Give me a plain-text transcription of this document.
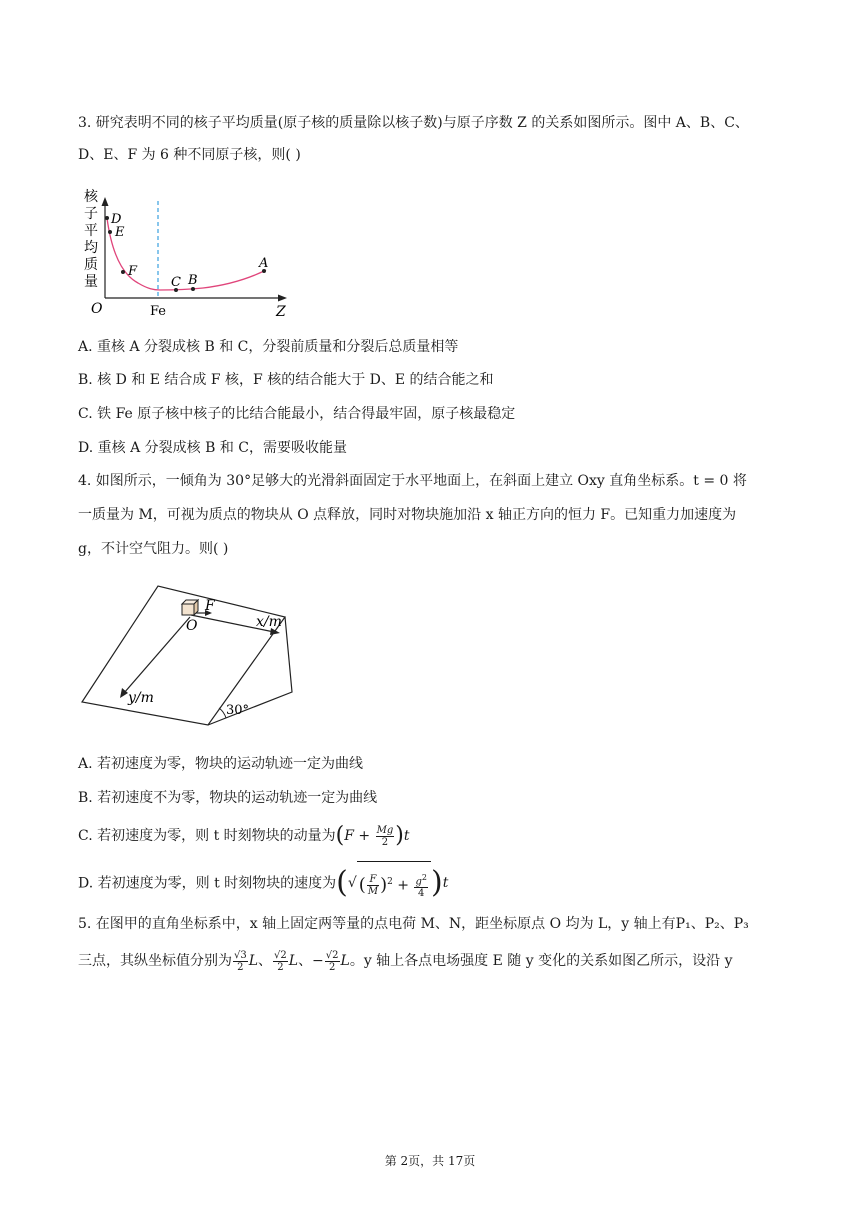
3. 研究表明不同的核子平均质量(原子核的质量除以核子数)与原子序数 Z 的关系如图所示。图中 A、B、C、
D、E、F 为 6 种不同原子核，则( )
核
子
平
均
质
量
O	Z
Fe
D
E
F
C B
A
A. 重核 A 分裂成核 B 和 C，分裂前质量和分裂后总质量相等
B. 核 D 和 E 结合成 F 核，F 核的结合能大于 D、E 的结合能之和
C. 铁 Fe 原子核中核子的比结合能最小，结合得最牢固，原子核最稳定
D. 重核 A 分裂成核 B 和 C，需要吸收能量
4. 如图所示，一倾角为 30°足够大的光滑斜面固定于水平地面上，在斜面上建立 Oxy 直角坐标系。t = 0 将
一质量为 M，可视为质点的物块从 O 点释放，同时对物块施加沿 x 轴正方向的恒力 F。已知重力加速度为
g，不计空气阻力。则( )
30°
F
x/m
y/m
O
A. 若初速度为零，物块的运动轨迹一定为曲线
B. 若初速度不为零，物块的运动轨迹一定为曲线
C. 若初速度为零，则 t 时刻物块的动量为$(F + \frac{Mg}{2} )t$
D. 若初速度为零，则 t 时刻物块的速度为(√ ( $\frac{F}{M} )^2 + \frac{g^2}{4} )t$
5. 在图甲的直角坐标系中，x 轴上固定两等量的点电荷 M、N，距坐标原点 O 均为 L，y 轴上有P₁、P₂、P₃
三点，其纵坐标值分别为 $\frac{√3}{2}$ L、 $\frac{√2}{2}$ L、− $\frac{√2}{2}$ L。y 轴上各点电场强度 E 随 y 变化的关系如图乙所示，设沿 y
第 2页，共 17页
